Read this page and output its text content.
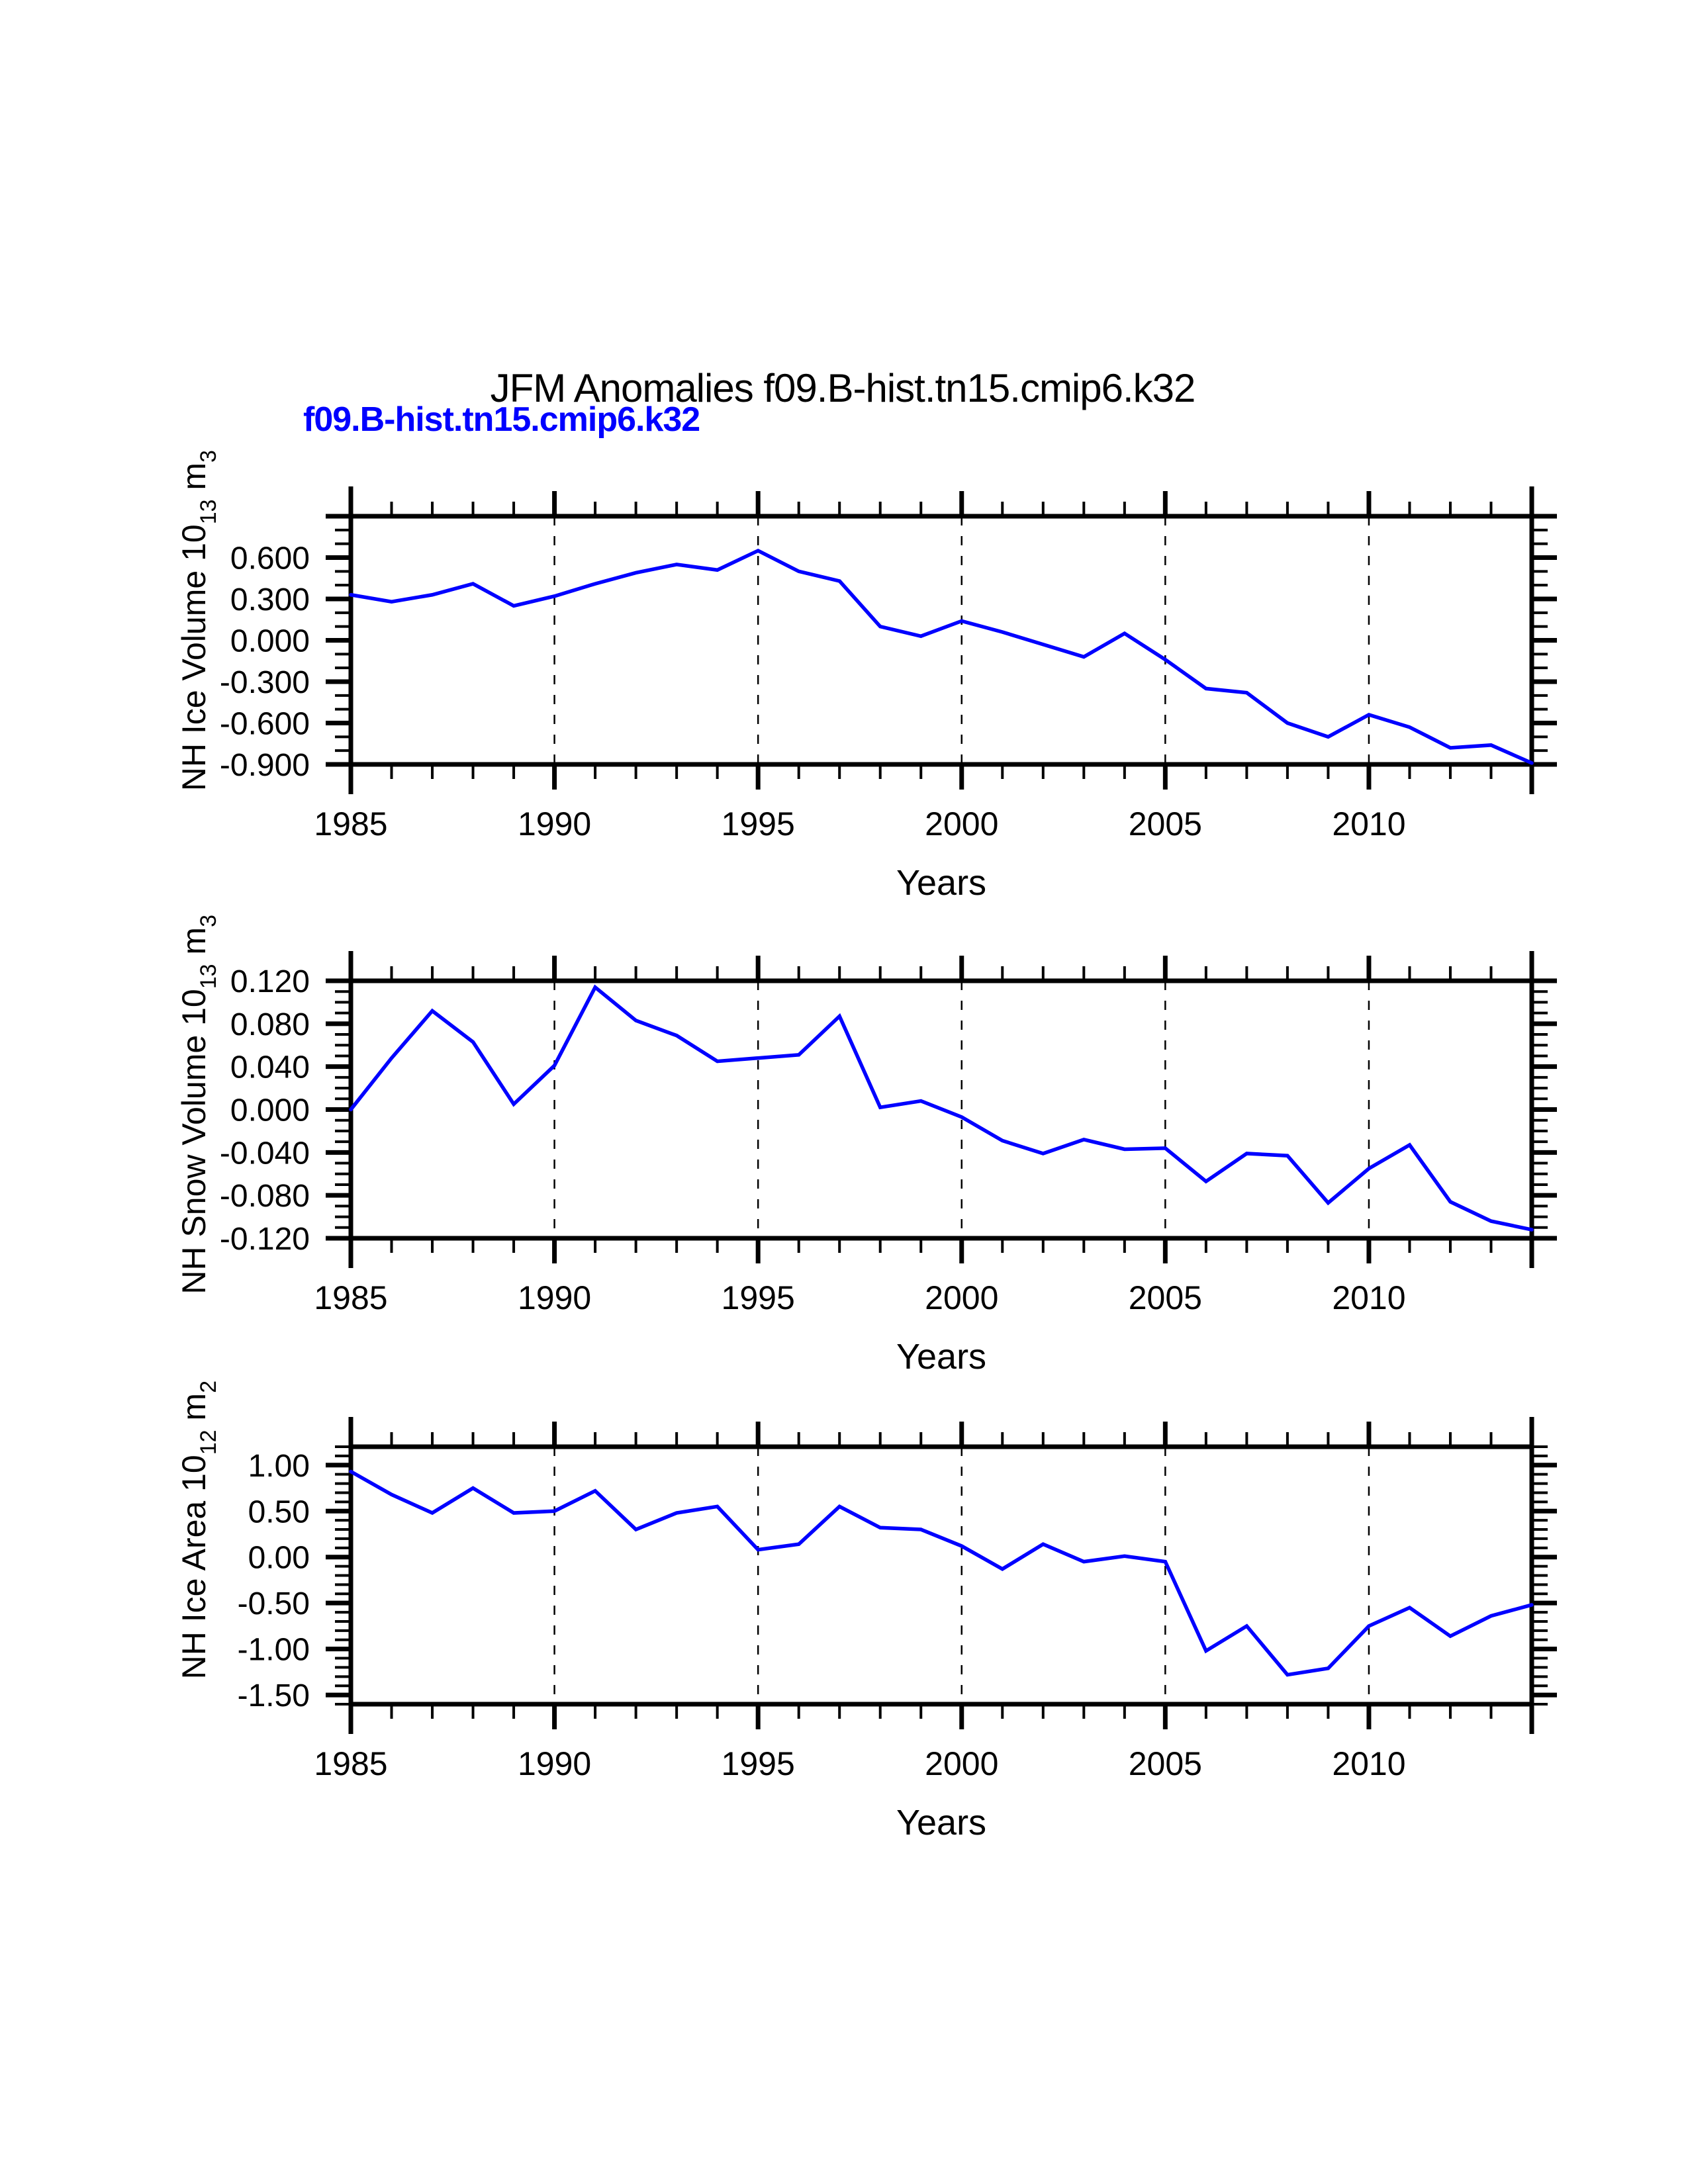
JFM Anomalies f09.B-hist.tn15.cmip6.k32
f09.B-hist.tn15.cmip6.k32
0.600
0.300
0.000
-0.300
-0.600
-0.900
1985	1990	1995	2000	2005	2010
Years
NH Ice Volume $10_{13}$ $m_3$
0.120
0.080
0.040
0.000
-0.040
-0.080
-0.120
1985	1990	1995	2000	2005	2010
Years
NH Snow Volume $10_{13}$ $m_3$
1.00
0.50
0.00
-0.50
-1.00
-1.50
1985	1990	1995	2000	2005	2010
Years
NH Ice Area $10_{12}$ $m_2$
